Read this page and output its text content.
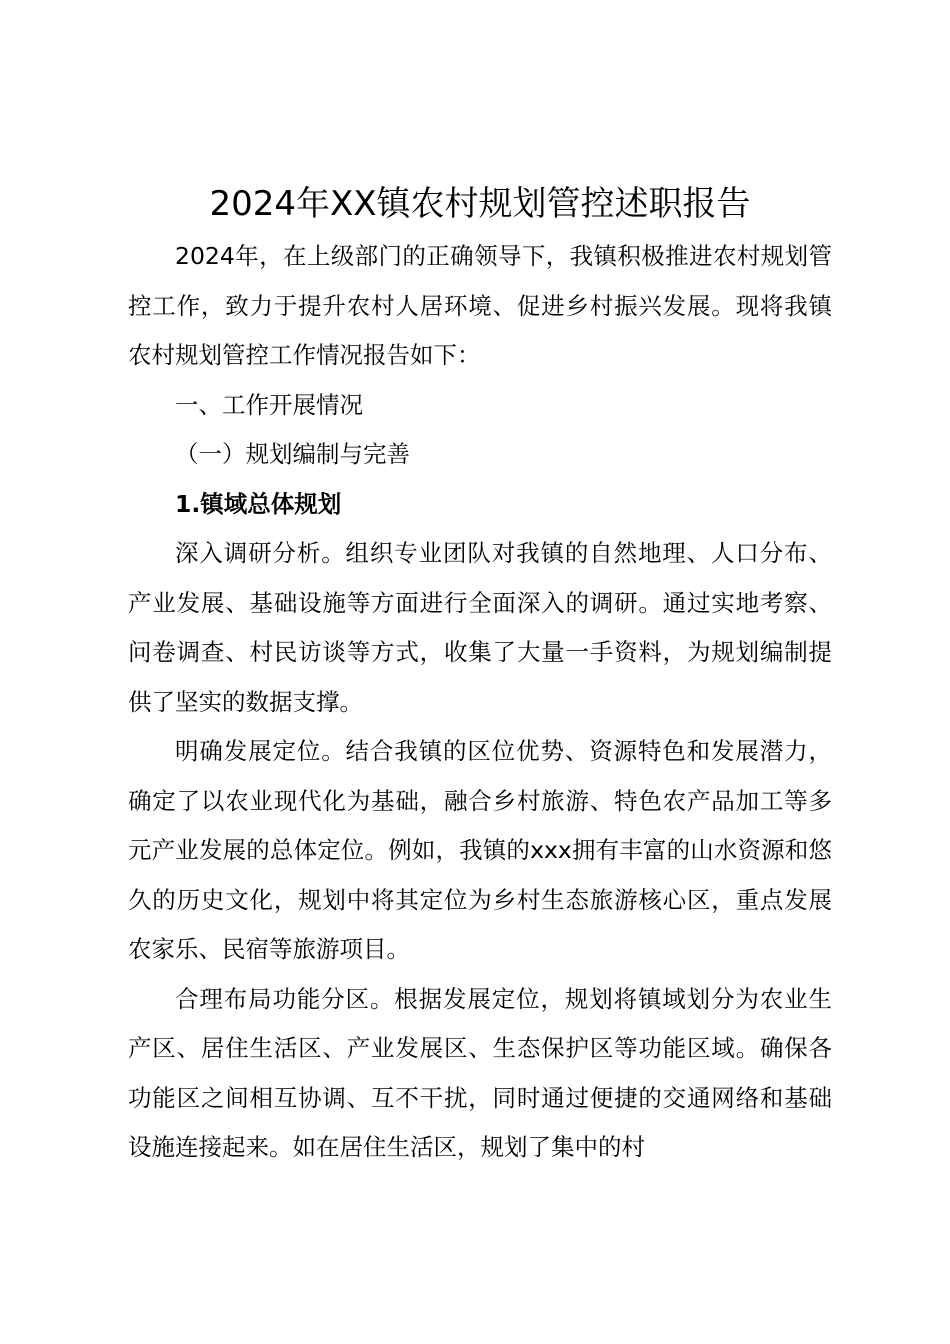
2024年XX镇农村规划管控述职报告

2024年，在上级部门的正确领导下，我镇积极推进农村规划管控工作，致力于提升农村人居环境、促进乡村振兴发展。现将我镇农村规划管控工作情况报告如下：

一、工作开展情况

（一）规划编制与完善

1.镇域总体规划

深入调研分析。组织专业团队对我镇的自然地理、人口分布、产业发展、基础设施等方面进行全面深入的调研。通过实地考察、问卷调查、村民访谈等方式，收集了大量一手资料，为规划编制提供了坚实的数据支撑。

明确发展定位。结合我镇的区位优势、资源特色和发展潜力，确定了以农业现代化为基础，融合乡村旅游、特色农产品加工等多元产业发展的总体定位。例如，我镇的xxx拥有丰富的山水资源和悠久的历史文化，规划中将其定位为乡村生态旅游核心区，重点发展农家乐、民宿等旅游项目。

合理布局功能分区。根据发展定位，规划将镇域划分为农业生产区、居住生活区、产业发展区、生态保护区等功能区域。确保各功能区之间相互协调、互不干扰，同时通过便捷的交通网络和基础设施连接起来。如在居住生活区，规划了集中的村
